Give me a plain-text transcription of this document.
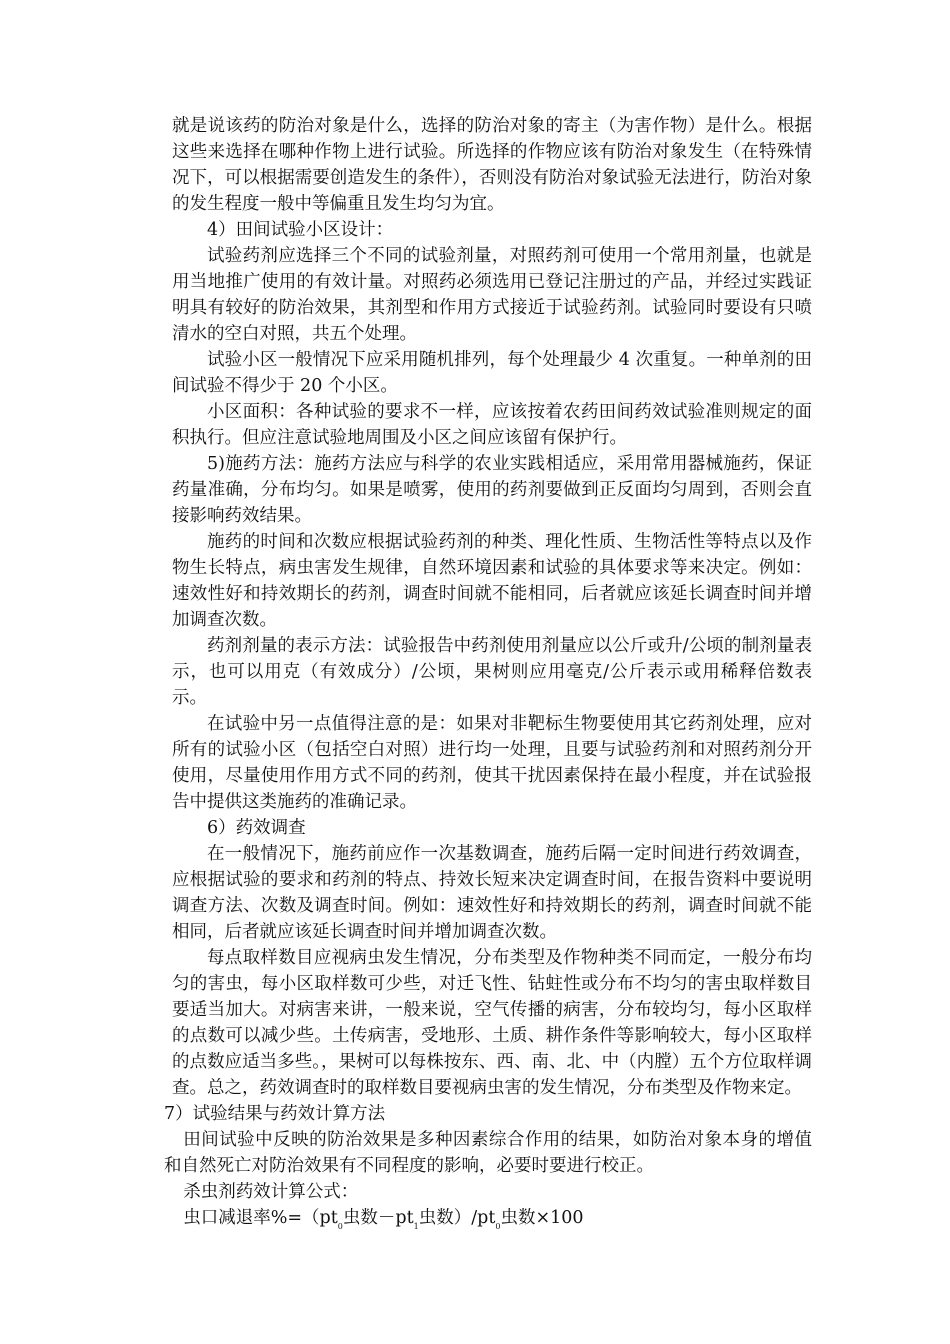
就是说该药的防治对象是什么，选择的防治对象的寄主（为害作物）是什么。根据这些来选择在哪种作物上进行试验。所选择的作物应该有防治对象发生（在特殊情况下，可以根据需要创造发生的条件），否则没有防治对象试验无法进行，防治对象的发生程度一般中等偏重且发生均匀为宜。

4）田间试验小区设计：

试验药剂应选择三个不同的试验剂量，对照药剂可使用一个常用剂量，也就是用当地推广使用的有效计量。对照药必须选用已登记注册过的产品，并经过实践证明具有较好的防治效果，其剂型和作用方式接近于试验药剂。试验同时要设有只喷清水的空白对照，共五个处理。

试验小区一般情况下应采用随机排列，每个处理最少 4 次重复。一种单剂的田间试验不得少于 20 个小区。

小区面积：各种试验的要求不一样，应该按着农药田间药效试验准则规定的面积执行。但应注意试验地周围及小区之间应该留有保护行。

5)施药方法：施药方法应与科学的农业实践相适应，采用常用器械施药，保证药量准确，分布均匀。如果是喷雾，使用的药剂要做到正反面均匀周到，否则会直接影响药效结果。

施药的时间和次数应根据试验药剂的种类、理化性质、生物活性等特点以及作物生长特点，病虫害发生规律，自然环境因素和试验的具体要求等来决定。例如：速效性好和持效期长的药剂，调查时间就不能相同，后者就应该延长调查时间并增加调查次数。

药剂剂量的表示方法：试验报告中药剂使用剂量应以公斤或升/公顷的制剂量表示，也可以用克（有效成分）/公顷，果树则应用毫克/公斤表示或用稀释倍数表示。

在试验中另一点值得注意的是：如果对非靶标生物要使用其它药剂处理，应对所有的试验小区（包括空白对照）进行均一处理，且要与试验药剂和对照药剂分开使用，尽量使用作用方式不同的药剂，使其干扰因素保持在最小程度，并在试验报告中提供这类施药的准确记录。

6）药效调查

在一般情况下，施药前应作一次基数调查，施药后隔一定时间进行药效调查，应根据试验的要求和药剂的特点、持效长短来决定调查时间，在报告资料中要说明调查方法、次数及调查时间。例如：速效性好和持效期长的药剂，调查时间就不能相同，后者就应该延长调查时间并增加调查次数。

每点取样数目应视病虫发生情况，分布类型及作物种类不同而定，一般分布均匀的害虫，每小区取样数可少些，对迁飞性、钻蛀性或分布不均匀的害虫取样数目要适当加大。对病害来讲，一般来说，空气传播的病害，分布较均匀，每小区取样的点数可以减少些。土传病害，受地形、土质、耕作条件等影响较大，每小区取样的点数应适当多些。，果树可以每株按东、西、南、北、中（内膛）五个方位取样调查。总之，药效调查时的取样数目要视病虫害的发生情况，分布类型及作物来定。

7）试验结果与药效计算方法

田间试验中反映的防治效果是多种因素综合作用的结果，如防治对象本身的增值和自然死亡对防治效果有不同程度的影响，必要时要进行校正。

杀虫剂药效计算公式：

虫口减退率$\%=(pt_0$虫数$-pt_1$虫数）$/pt_0$虫数×100
